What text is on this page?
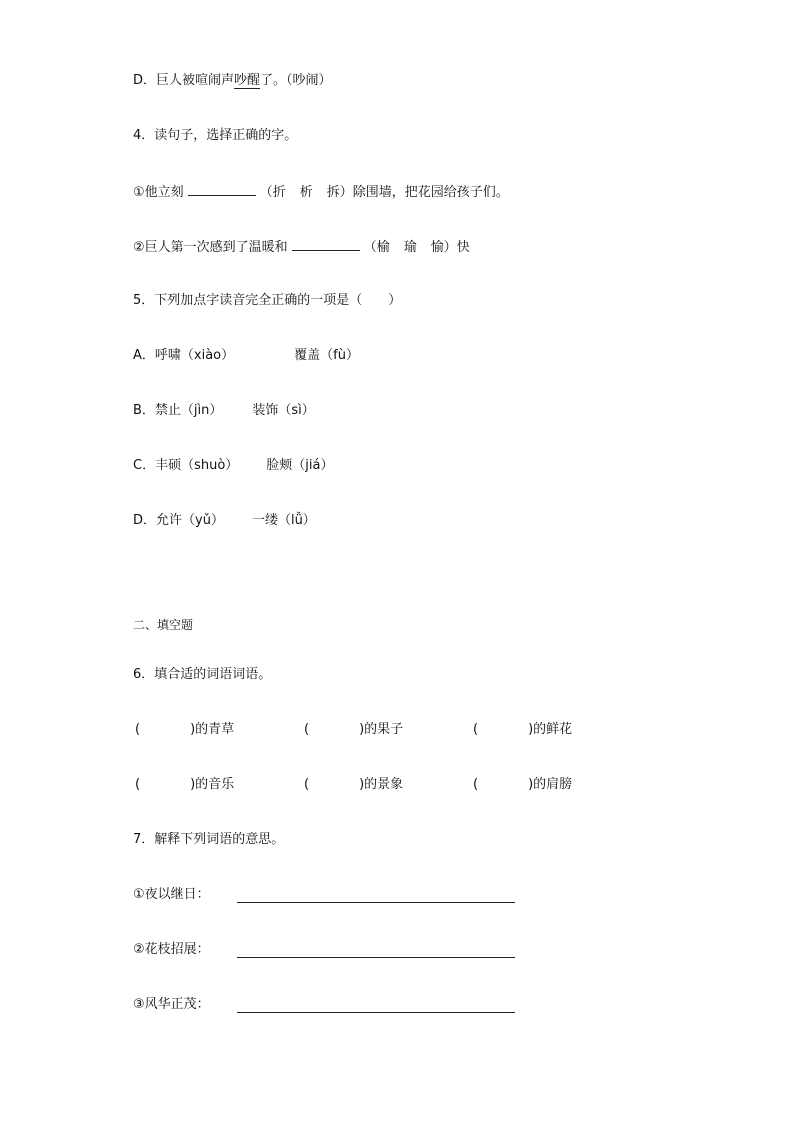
D．巨人被喧闹声吵醒了。（吵闹）
4．读句子，选择正确的字。
①他立刻	（折 析 拆）除围墙，把花园给孩子们。
②巨人第一次感到了温暖和	（榆 瑜 愉）快
5．下列加点字读音完全正确的一项是（　　）
A．呼啸（xiào）	覆盖（fù）
B．禁止（jìn） 装饰（sì）
C．丰硕（shuò） 脸颊（jiá）
D．允许（yǔ） 一缕（lǚ）
二、填空题
6．填合适的词语词语。
(	)的青草	(	)的果子	(	)的鲜花
(	)的音乐	(	)的景象	(	)的肩膀
7．解释下列词语的意思。
①夜以继日：
②花枝招展：
③风华正茂：
